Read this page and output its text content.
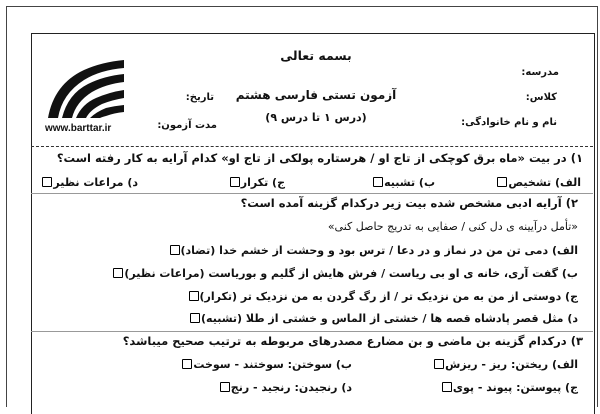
www.barttar.ir
بسمه تعالی
مدرسه:
کلاس:
نام و نام خانوادگی:
آزمون تستی فارسی هشتم
(درس ۱ تا درس ۹)
تاریخ:
مدت آزمون:
۱) در بیت «ماه برق کوچکی از تاج او / هرستاره پولکی از تاج او» کدام آرایه به کار رفته است؟
الف) تشخیص
ب) تشبیه
ج) تکرار
د) مراعات نظیر
۲) آرایه ادبی مشخص شده بیت زیر درکدام گزینه آمده است؟
«تأمل درآیینه ی دل کنی / صفایی به تدریج حاصل کنی»
الف) دمی تن من در نماز و در دعا / ترس بود و وحشت از خشم خدا (تضاد)
ب) گفت آری، خانه ی او بی ریاست / فرش هایش از گلیم و بوریاست (مراعات نظیر)
ج) دوستی از من به من نزدیک تر / از رگ گردن به من نزدیک تر (تکرار)
د) مثل قصر پادشاه قصه ها / خشتی از الماس و خشتی از طلا (تشبیه)
۳) درکدام گزینه بن ماضی و بن مضارع مصدرهای مربوطه به ترتیب صحیح میباشد؟
الف) ریختن: ریز - ریزش
ب) سوختن: سوختند - سوخت
ج) پیوستن: پیوند - پوی
د) رنجیدن: رنجید - رنج
